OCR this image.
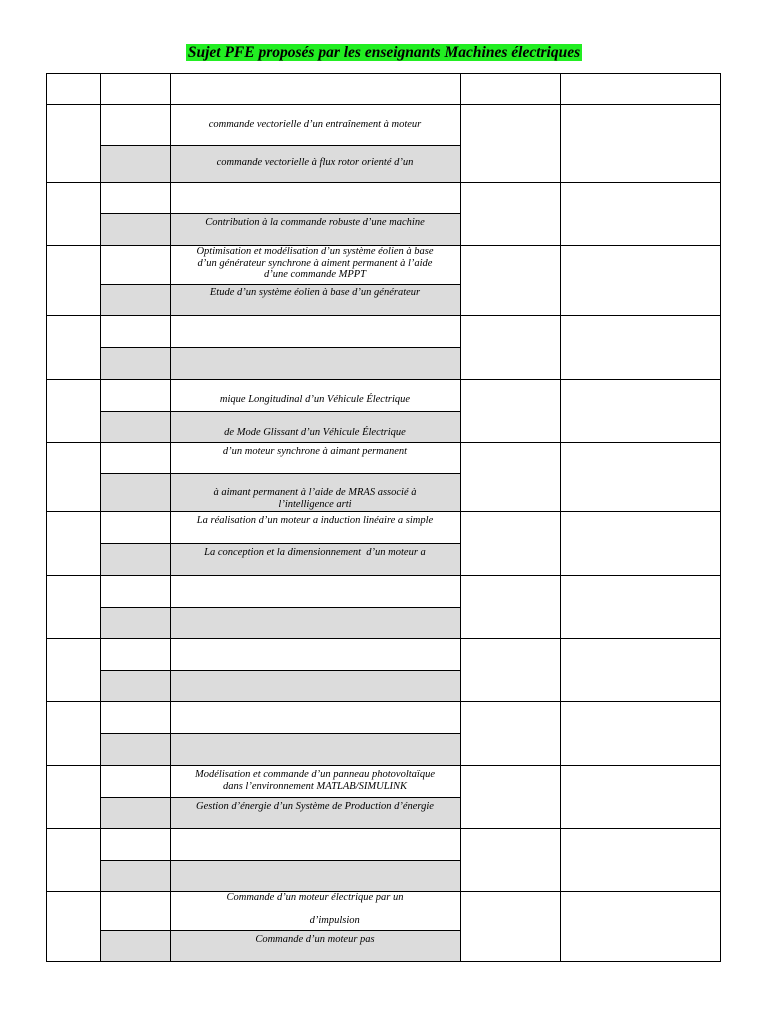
Sujet PFE proposés par les enseignants Machines électriques
commande vectorielle d’un entraînement à moteur
commande vectorielle à flux rotor orienté d’un
Contribution à la commande robuste d’une machine
Optimisation et modélisation d’un système éolien à base
d’un générateur synchrone à aiment permanent à l’aide
d’une commande MPPT
Etude d’un système éolien à base d’un générateur
mique Longitudinal d’un Véhicule Électrique
de Mode Glissant d’un Véhicule Électrique
d’un moteur synchrone à aimant permanent
à aimant permanent à l’aide de MRAS associé à
l’intelligence arti
La réalisation d’un moteur a induction linéaire a simple
La conception et la dimensionnement  d’un moteur a
Modélisation et commande d’un panneau photovoltaïque
dans l’environnement MATLAB/SIMULINK
Gestion d’énergie d’un Système de Production d’énergie
Commande d’un moteur électrique par un

d’impulsion
Commande d’un moteur pas
